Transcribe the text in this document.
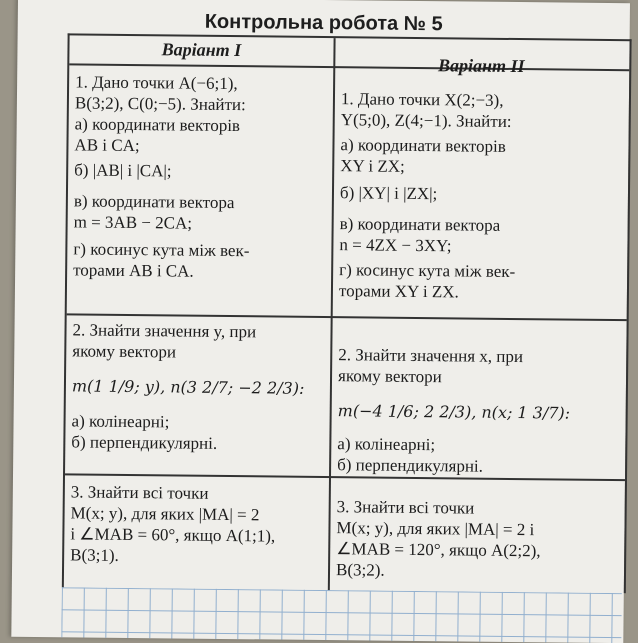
Контрольна робота № 5
Варіант I
Варіант II
1. Дано точки A(−6;1),
B(3;2), C(0;−5). Знайти:
а) координати векторів
AB і CA;
б) |AB| і |CA|;
в) координати вектора
m = 3AB − 2CA;
г) косинус кута між век-
торами AB і CA.
1. Дано точки X(2;−3),
Y(5;0), Z(4;−1). Знайти:
а) координати векторів
XY і ZX;
б) |XY| і |ZX|;
в) координати вектора
n = 4ZX − 3XY;
г) косинус кута між век-
торами XY і ZX.
2. Знайти значення y, при
якому вектори
m(1 1/9; y), n(3 2/7; −2 2/3):
а) колінеарні;
б) перпендикулярні.
2. Знайти значення x, при
якому вектори
m(−4 1/6; 2 2/3), n(x; 1 3/7):
а) колінеарні;
б) перпендикулярні.
3. Знайти всі точки
M(x; y), для яких |MA| = 2
і ∠MAB = 60°, якщо A(1;1),
B(3;1).
3. Знайти всі точки
M(x; y), для яких |MA| = 2 і
∠MAB = 120°, якщо A(2;2),
B(3;2).
